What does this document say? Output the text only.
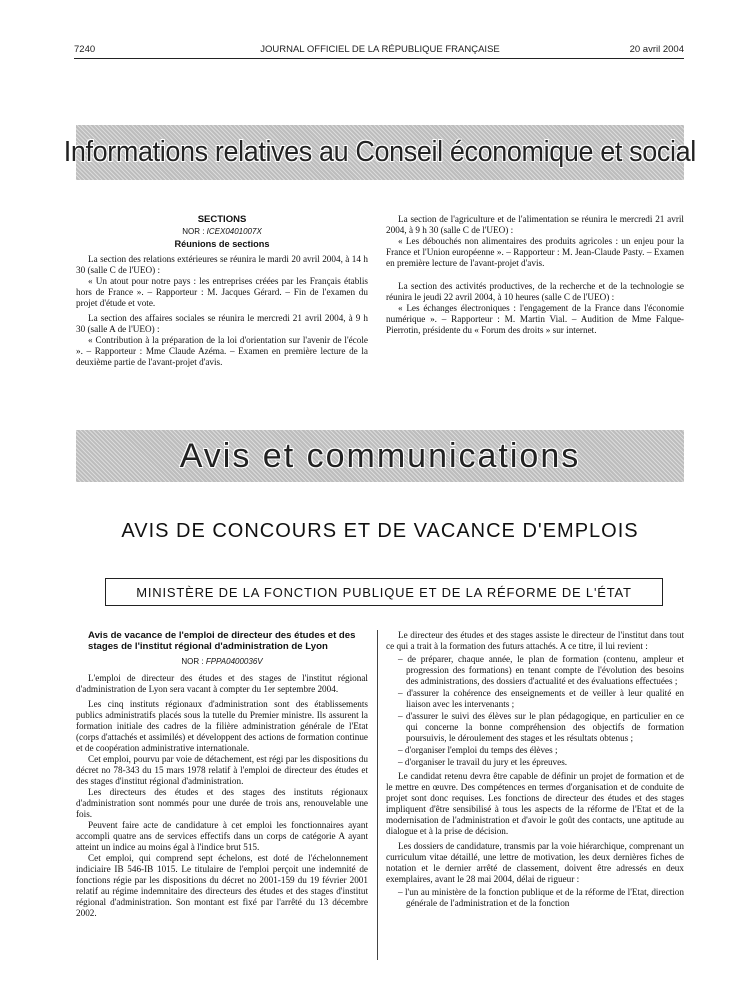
7240	JOURNAL OFFICIEL DE LA RÉPUBLIQUE FRANÇAISE	20 avril 2004
Informations relatives au Conseil économique et social
SECTIONS
NOR : ICEX0401007X
Réunions de sections

La section des relations extérieures se réunira le mardi 20 avril 2004, à 14 h 30 (salle C de l'UEO) :

« Un atout pour notre pays : les entreprises créées par les Français établis hors de France ». – Rapporteur : M. Jacques Gérard. – Fin de l'examen du projet d'étude et vote.

La section des affaires sociales se réunira le mercredi 21 avril 2004, à 9 h 30 (salle A de l'UEO) :

« Contribution à la préparation de la loi d'orientation sur l'avenir de l'école ». – Rapporteur : Mme Claude Azéma. – Examen en première lecture de la deuxième partie de l'avant-projet d'avis.

La section de l'agriculture et de l'alimentation se réunira le mercredi 21 avril 2004, à 9 h 30 (salle C de l'UEO) :

« Les débouchés non alimentaires des produits agricoles : un enjeu pour la France et l'Union européenne ». – Rapporteur : M. Jean-Claude Pasty. – Examen en première lecture de l'avant-projet d'avis.

La section des activités productives, de la recherche et de la technologie se réunira le jeudi 22 avril 2004, à 10 heures (salle C de l'UEO) :

« Les échanges électroniques : l'engagement de la France dans l'économie numérique ». – Rapporteur : M. Martin Vial. – Audition de Mme Falque-Pierrotin, présidente du « Forum des droits » sur internet.

Avis et communications
AVIS DE CONCOURS ET DE VACANCE D'EMPLOIS
MINISTÈRE DE LA FONCTION PUBLIQUE ET DE LA RÉFORME DE L'ÉTAT
Avis de vacance de l'emploi de directeur des études et des stages de l'institut régional d'administration de Lyon
NOR : FPPA0400036V

L'emploi de directeur des études et des stages de l'institut régional d'administration de Lyon sera vacant à compter du 1er septembre 2004.

Les cinq instituts régionaux d'administration sont des établissements publics administratifs placés sous la tutelle du Premier ministre. Ils assurent la formation initiale des cadres de la filière administration générale de l'Etat (corps d'attachés et assimilés) et développent des actions de formation continue et de coopération administrative internationale.

Cet emploi, pourvu par voie de détachement, est régi par les dispositions du décret no 78-343 du 15 mars 1978 relatif à l'emploi de directeur des études et des stages d'institut régional d'administration.

Les directeurs des études et des stages des instituts régionaux d'administration sont nommés pour une durée de trois ans, renouvelable une fois.

Peuvent faire acte de candidature à cet emploi les fonctionnaires ayant accompli quatre ans de services effectifs dans un corps de catégorie A ayant atteint un indice au moins égal à l'indice brut 515.

Cet emploi, qui comprend sept échelons, est doté de l'échelonnement indiciaire IB 546-IB 1015. Le titulaire de l'emploi perçoit une indemnité de fonctions régie par les dispositions du décret no 2001-159 du 19 février 2001 relatif au régime indemnitaire des directeurs des études et des stages d'institut régional d'administration. Son montant est fixé par l'arrêté du 13 décembre 2002.

Le directeur des études et des stages assiste le directeur de l'institut dans tout ce qui a trait à la formation des futurs attachés. A ce titre, il lui revient :

– de préparer, chaque année, le plan de formation (contenu, ampleur et progression des formations) en tenant compte de l'évolution des besoins des administrations, des dossiers d'actualité et des évaluations effectuées ;
– d'assurer la cohérence des enseignements et de veiller à leur qualité en liaison avec les intervenants ;
– d'assurer le suivi des élèves sur le plan pédagogique, en particulier en ce qui concerne la bonne compréhension des objectifs de formation poursuivis, le déroulement des stages et les résultats obtenus ;
– d'organiser l'emploi du temps des élèves ;
– d'organiser le travail du jury et les épreuves.

Le candidat retenu devra être capable de définir un projet de formation et de le mettre en œuvre. Des compétences en termes d'organisation et de conduite de projet sont donc requises. Les fonctions de directeur des études et des stages impliquent d'être sensibilisé à tous les aspects de la réforme de l'Etat et de la modernisation de l'administration et d'avoir le goût des contacts, une aptitude au dialogue et à la prise de décision.

Les dossiers de candidature, transmis par la voie hiérarchique, comprenant un curriculum vitae détaillé, une lettre de motivation, les deux dernières fiches de notation et le dernier arrêté de classement, doivent être adressés en deux exemplaires, avant le 28 mai 2004, délai de rigueur :

– l'un au ministère de la fonction publique et de la réforme de l'Etat, direction générale de l'administration et de la fonction
